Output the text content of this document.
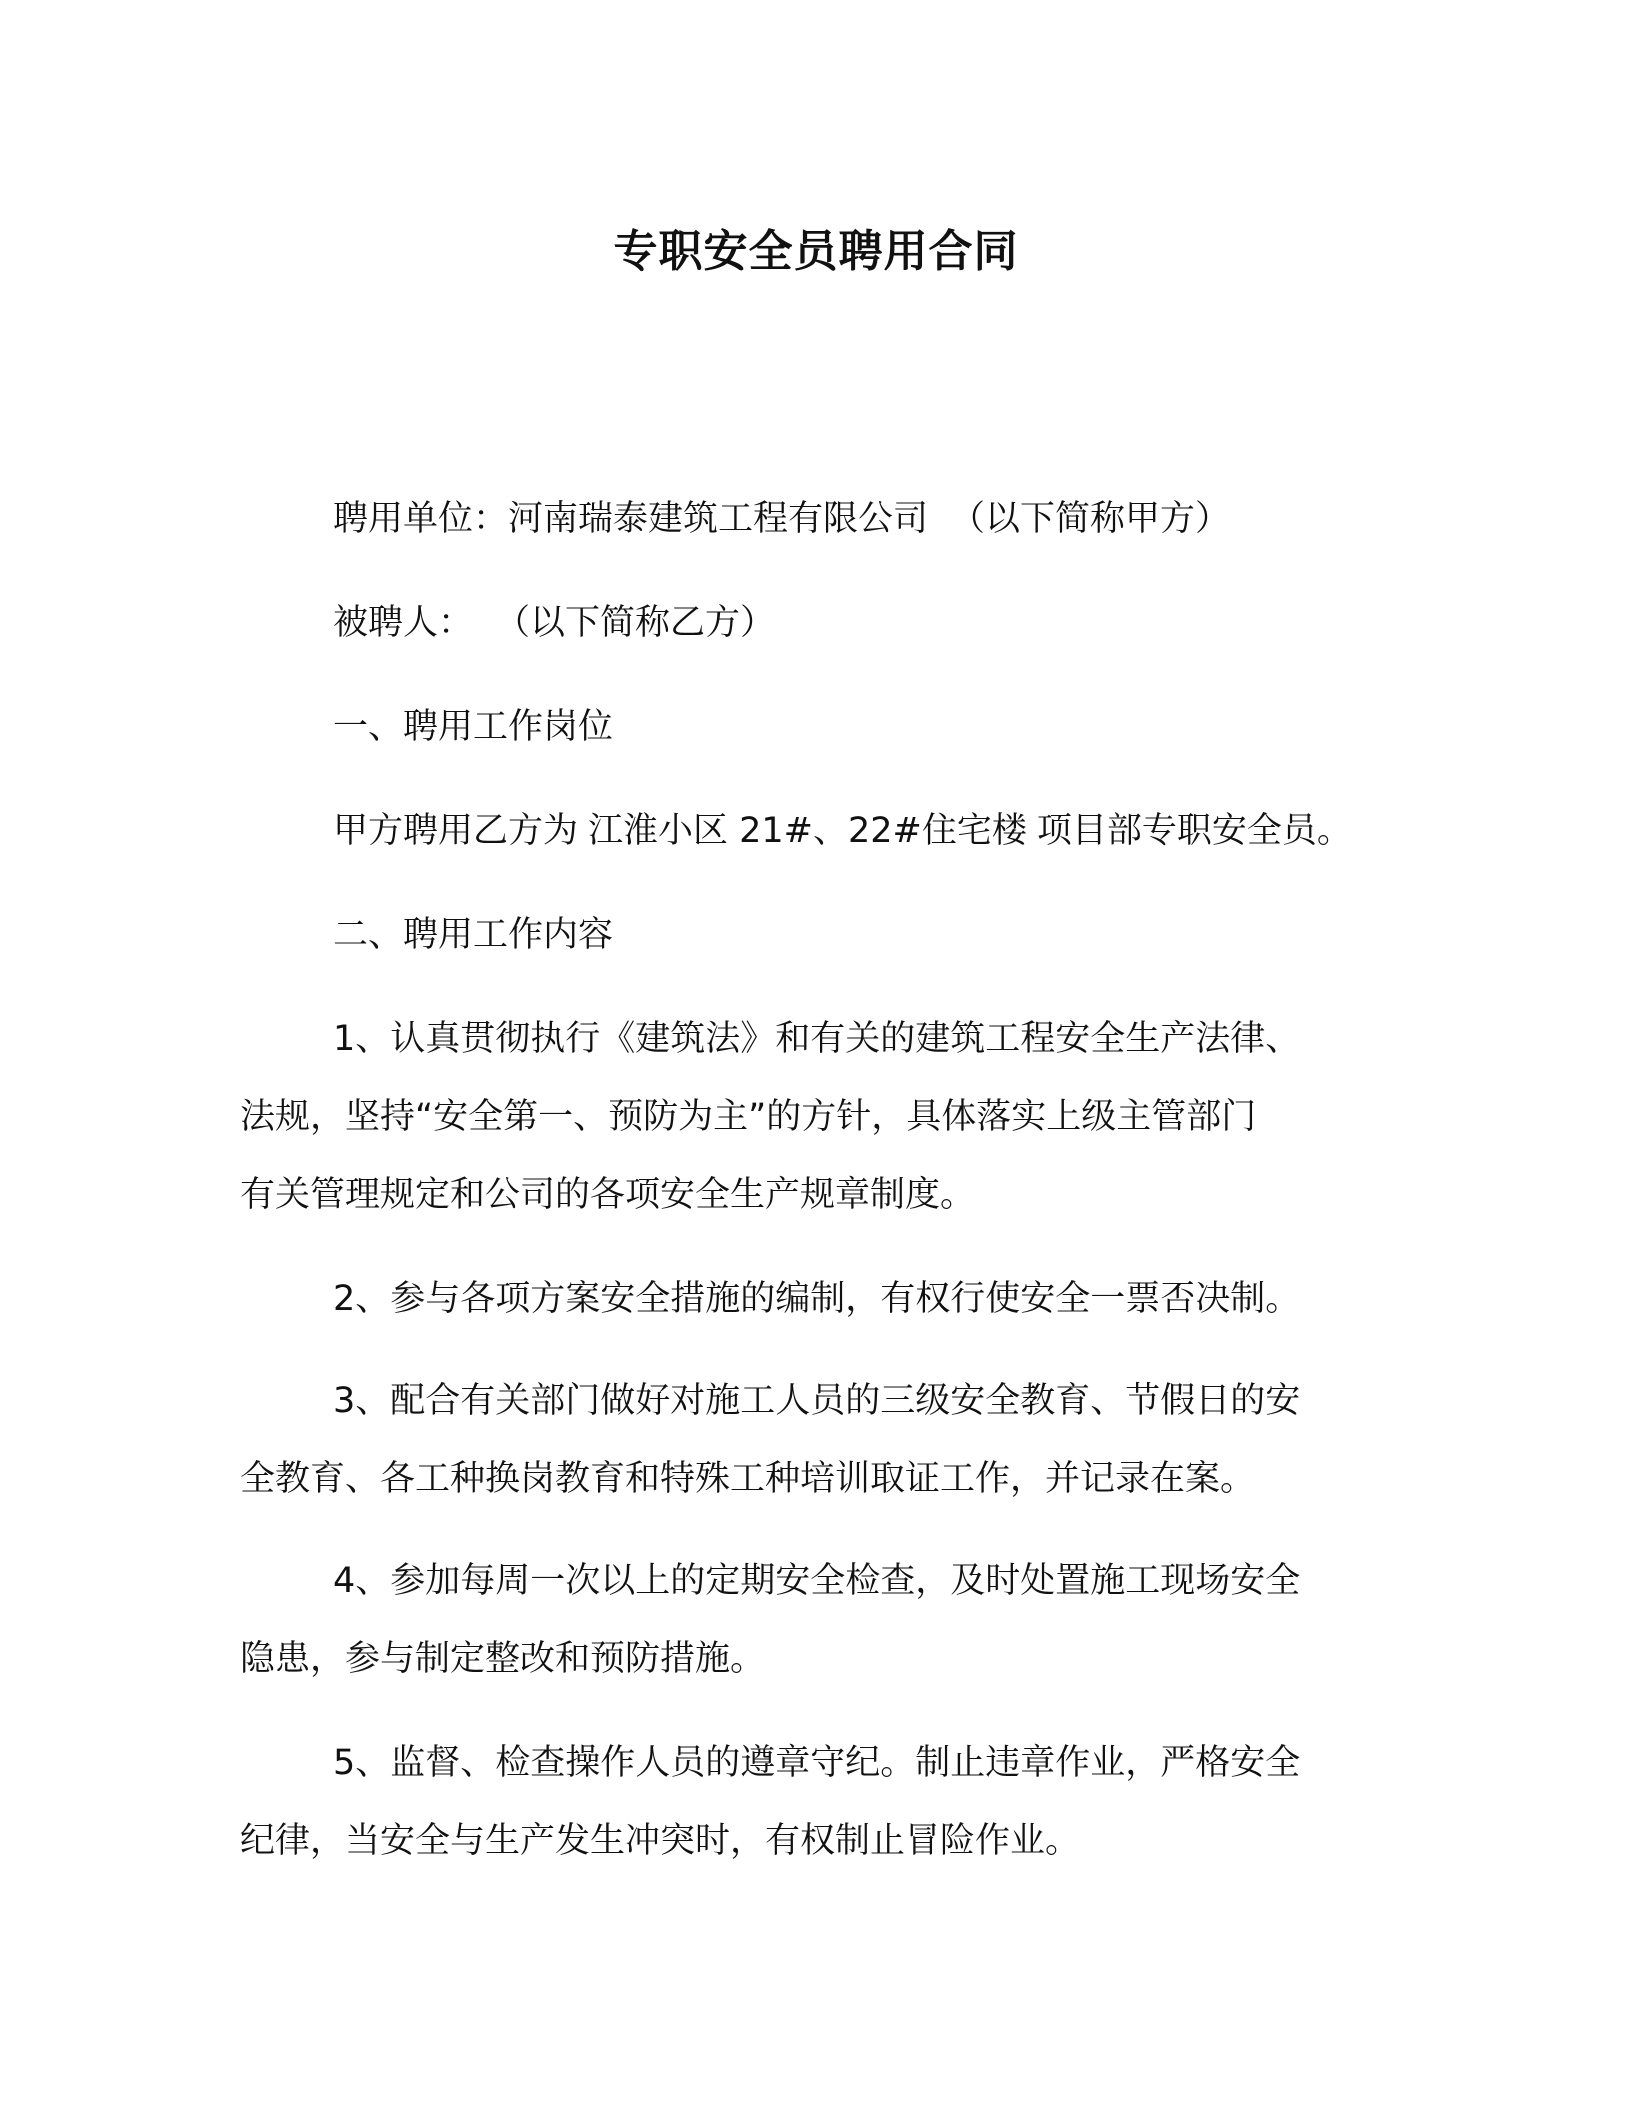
专职安全员聘用合同
聘用单位：河南瑞泰建筑工程有限公司 （以下简称甲方）
被聘人： （以下简称乙方）
一、聘用工作岗位
甲方聘用乙方为 江淮小区 21#、22#住宅楼 项目部专职安全员。
二、聘用工作内容
1、认真贯彻执行《建筑法》和有关的建筑工程安全生产法律、
法规，坚持“安全第一、预防为主”的方针，具体落实上级主管部门
有关管理规定和公司的各项安全生产规章制度。
2、参与各项方案安全措施的编制，有权行使安全一票否决制。
3、配合有关部门做好对施工人员的三级安全教育、节假日的安
全教育、各工种换岗教育和特殊工种培训取证工作，并记录在案。
4、参加每周一次以上的定期安全检查，及时处置施工现场安全
隐患，参与制定整改和预防措施。
5、监督、检查操作人员的遵章守纪。制止违章作业，严格安全
纪律，当安全与生产发生冲突时，有权制止冒险作业。
